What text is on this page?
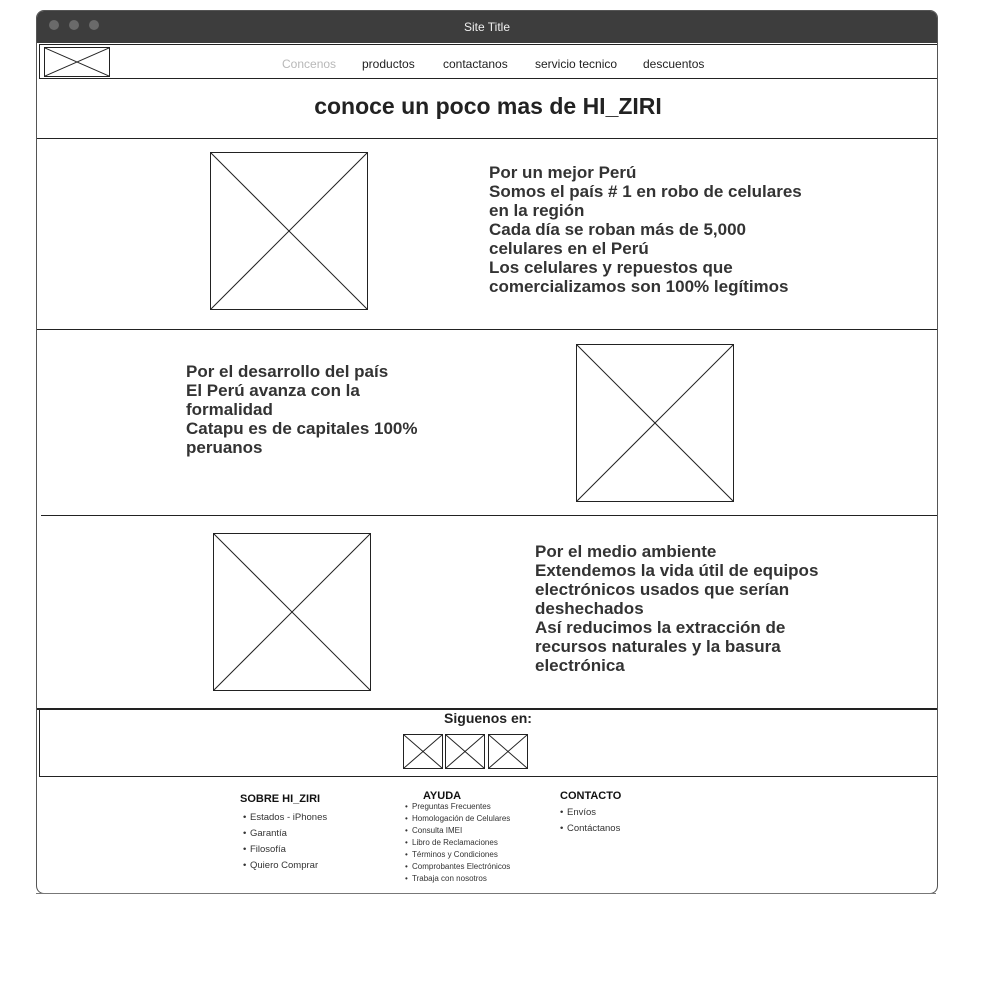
Site Title
Concenos productos contactanos servicio tecnico descuentos
conoce un poco mas de HI_ZIRI
Por un mejor Perú
Somos el país # 1 en robo de celulares
en la región
Cada día se roban más de 5,000
celulares en el Perú
Los celulares y repuestos que
comercializamos son 100% legítimos
Por el desarrollo del país
El Perú avanza con la
formalidad
Catapu es de capitales 100%
peruanos
Por el medio ambiente
Extendemos la vida útil de equipos
electrónicos usados que serían
deshechados
Así reducimos la extracción de
recursos naturales y la basura
electrónica
Siguenos en:
SOBRE HI_ZIRI
• Estados - iPhones
• Garantía
• Filosofía
• Quiero Comprar
AYUDA
• Preguntas Frecuentes
• Homologación de Celulares
• Consulta IMEI
• Libro de Reclamaciones
• Términos y Condiciones
• Comprobantes Electrónicos
• Trabaja con nosotros
CONTACTO
• Envíos
• Contáctanos
